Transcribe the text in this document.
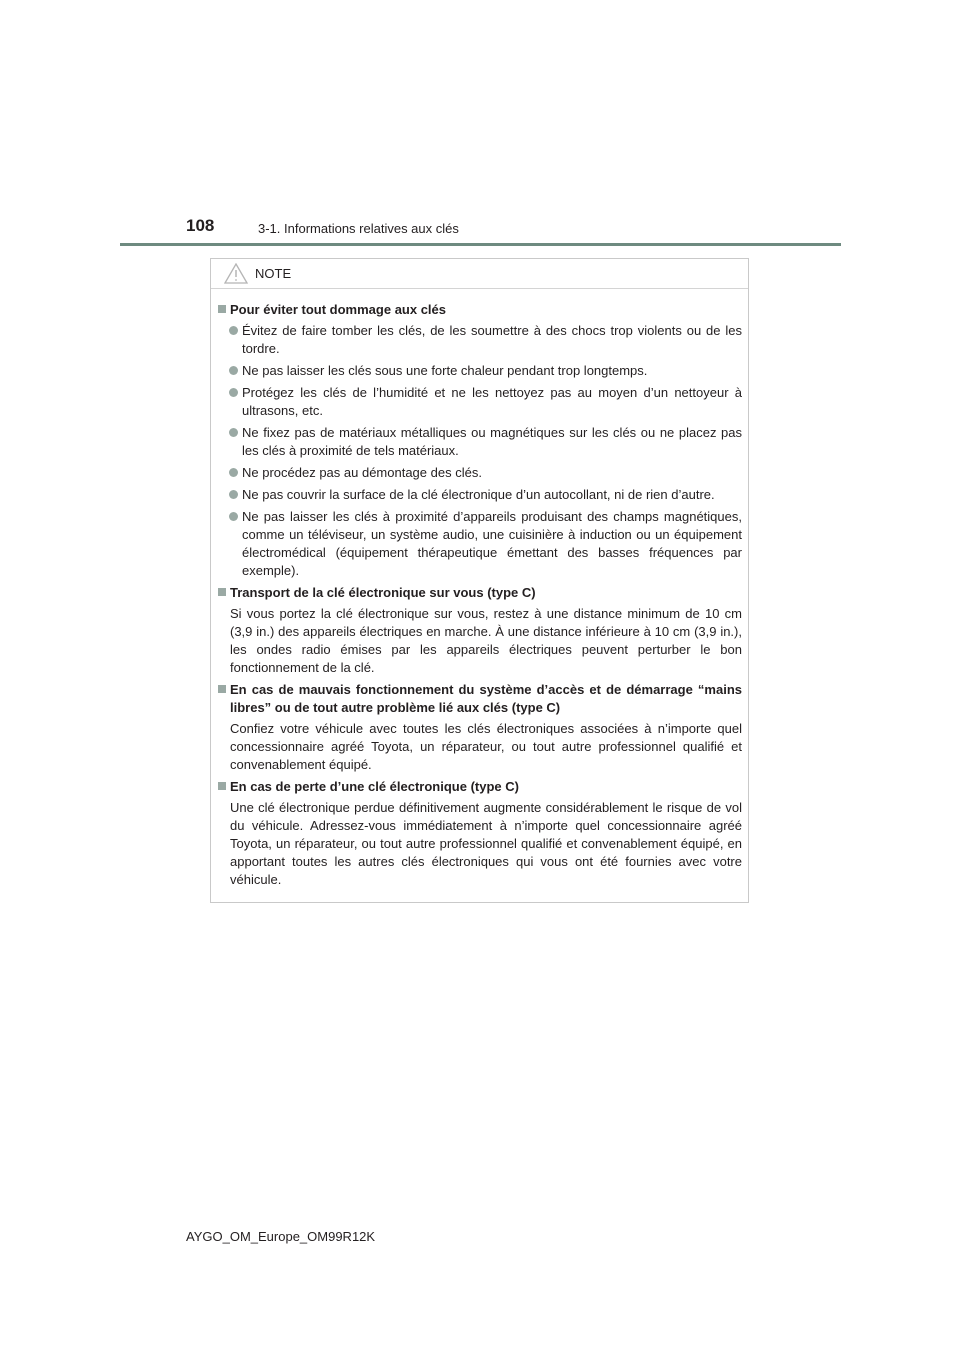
108	3-1. Informations relatives aux clés
NOTE
Pour éviter tout dommage aux clés
Évitez de faire tomber les clés, de les soumettre à des chocs trop violents ou de les tordre.
Ne pas laisser les clés sous une forte chaleur pendant trop longtemps.
Protégez les clés de l’humidité et ne les nettoyez pas au moyen d’un nettoyeur à ultrasons, etc.
Ne fixez pas de matériaux métalliques ou magnétiques sur les clés ou ne placez pas les clés à proximité de tels matériaux.
Ne procédez pas au démontage des clés.
Ne pas couvrir la surface de la clé électronique d’un autocollant, ni de rien d’autre.
Ne pas laisser les clés à proximité d’appareils produisant des champs magnétiques, comme un téléviseur, un système audio, une cuisinière à induction ou un équipement électromédical (équipement thérapeutique émettant des basses fréquences par exemple).
Transport de la clé électronique sur vous (type C)
Si vous portez la clé électronique sur vous, restez à une distance minimum de 10 cm (3,9 in.) des appareils électriques en marche. À une distance inférieure à 10 cm (3,9 in.), les ondes radio émises par les appareils électriques peuvent perturber le bon fonctionnement de la clé.
En cas de mauvais fonctionnement du système d’accès et de démarrage “mains libres” ou de tout autre problème lié aux clés (type C)
Confiez votre véhicule avec toutes les clés électroniques associées à n’importe quel concessionnaire agréé Toyota, un réparateur, ou tout autre professionnel qualifié et convenablement équipé.
En cas de perte d’une clé électronique (type C)
Une clé électronique perdue définitivement augmente considérablement le risque de vol du véhicule. Adressez-vous immédiatement à n’importe quel concessionnaire agréé Toyota, un réparateur, ou tout autre professionnel qualifié et convenablement équipé, en apportant toutes les autres clés électroniques qui vous ont été fournies avec votre véhicule.
AYGO_OM_Europe_OM99R12K
